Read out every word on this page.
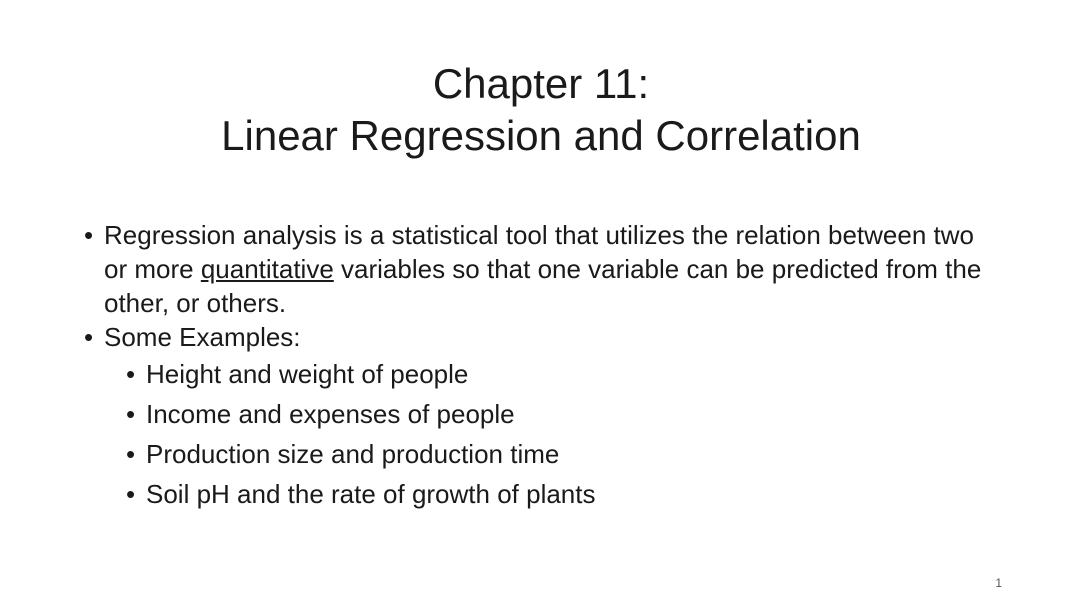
Chapter 11:
Linear Regression and Correlation
• Regression analysis is a statistical tool that utilizes the relation between two or more quantitative variables so that one variable can be predicted from the other, or others.
• Some Examples:
• Height and weight of people
• Income and expenses of people
• Production size and production time
• Soil pH and the rate of growth of plants
1
